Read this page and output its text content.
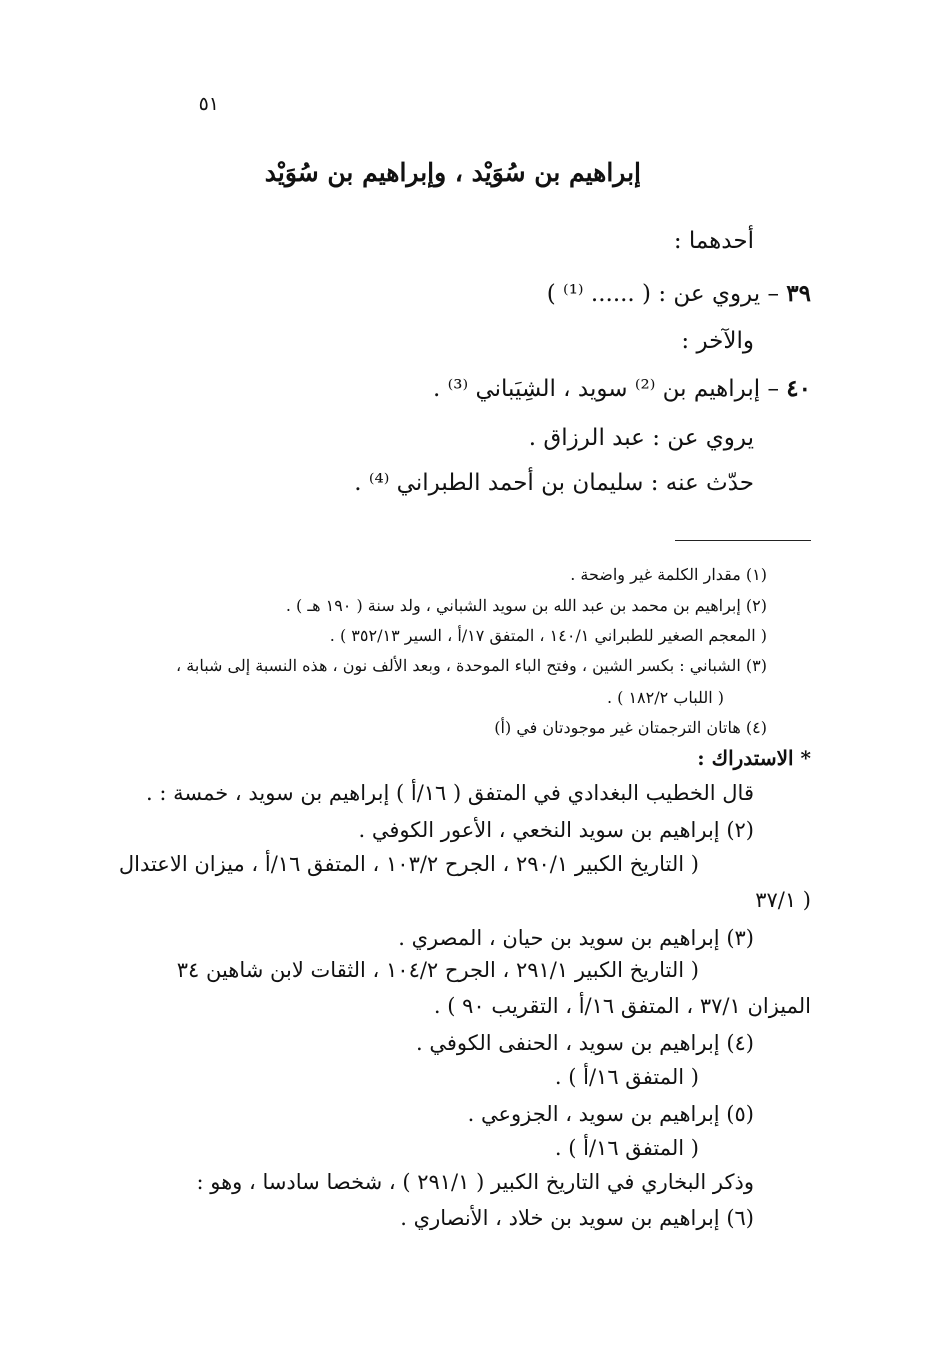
٥١
إبراهيم بن سُوَيْد ، وإبراهيم بن سُوَيْد
أحدهما :
٣٩ – يروي عن : ( ...... ⁽¹⁾ )
والآخر :
٤٠ – إبراهيم بن ⁽²⁾ سويد ، الشِيَباني ⁽³⁾ .
يروي عن : عبد الرزاق .
حدّث عنه : سليمان بن أحمد الطبراني ⁽⁴⁾ .
(١) مقدار الكلمة غير واضحة .
(٢) إبراهيم بن محمد بن عبد الله بن سويد الشباني ، ولد سنة ( ١٩٠ هـ ) .
( المعجم الصغير للطبراني ١٤٠/١ ، المتفق ١٧/أ ، السير ٣٥٢/١٣ ) .
(٣) الشباني : بكسر الشين ، وفتح الباء الموحدة ، وبعد الألف نون ، هذه النسبة إلى شبابة ،
( اللباب ١٨٢/٢ ) .
(٤) هاتان الترجمتان غير موجودتان في (أ)
* الاستدراك :
قال الخطيب البغدادي في المتفق ( ١٦/أ ) إبراهيم بن سويد ، خمسة : .
(٢) إبراهيم بن سويد النخعي ، الأعور الكوفي .
( التاريخ الكبير ٢٩٠/١ ، الجرح ١٠٣/٢ ، المتفق ١٦/أ ، ميزان الاعتدال
٣٧/١ )
(٣) إبراهيم بن سويد بن حيان ، المصري .
( التاريخ الكبير ٢٩١/١ ، الجرح ١٠٤/٢ ، الثقات لابن شاهين ٣٤
الميزان ٣٧/١ ، المتفق ١٦/أ ، التقريب ٩٠ ) .
(٤) إبراهيم بن سويد ، الحنفى الكوفي .
( المتفق ١٦/أ ) .
(٥) إبراهيم بن سويد ، الجزوعي .
( المتفق ١٦/أ ) .
وذكر البخاري في التاريخ الكبير ( ٢٩١/١ ) ، شخصا سادسا ، وهو :
(٦) إبراهيم بن سويد بن خلاد ، الأنصاري .
